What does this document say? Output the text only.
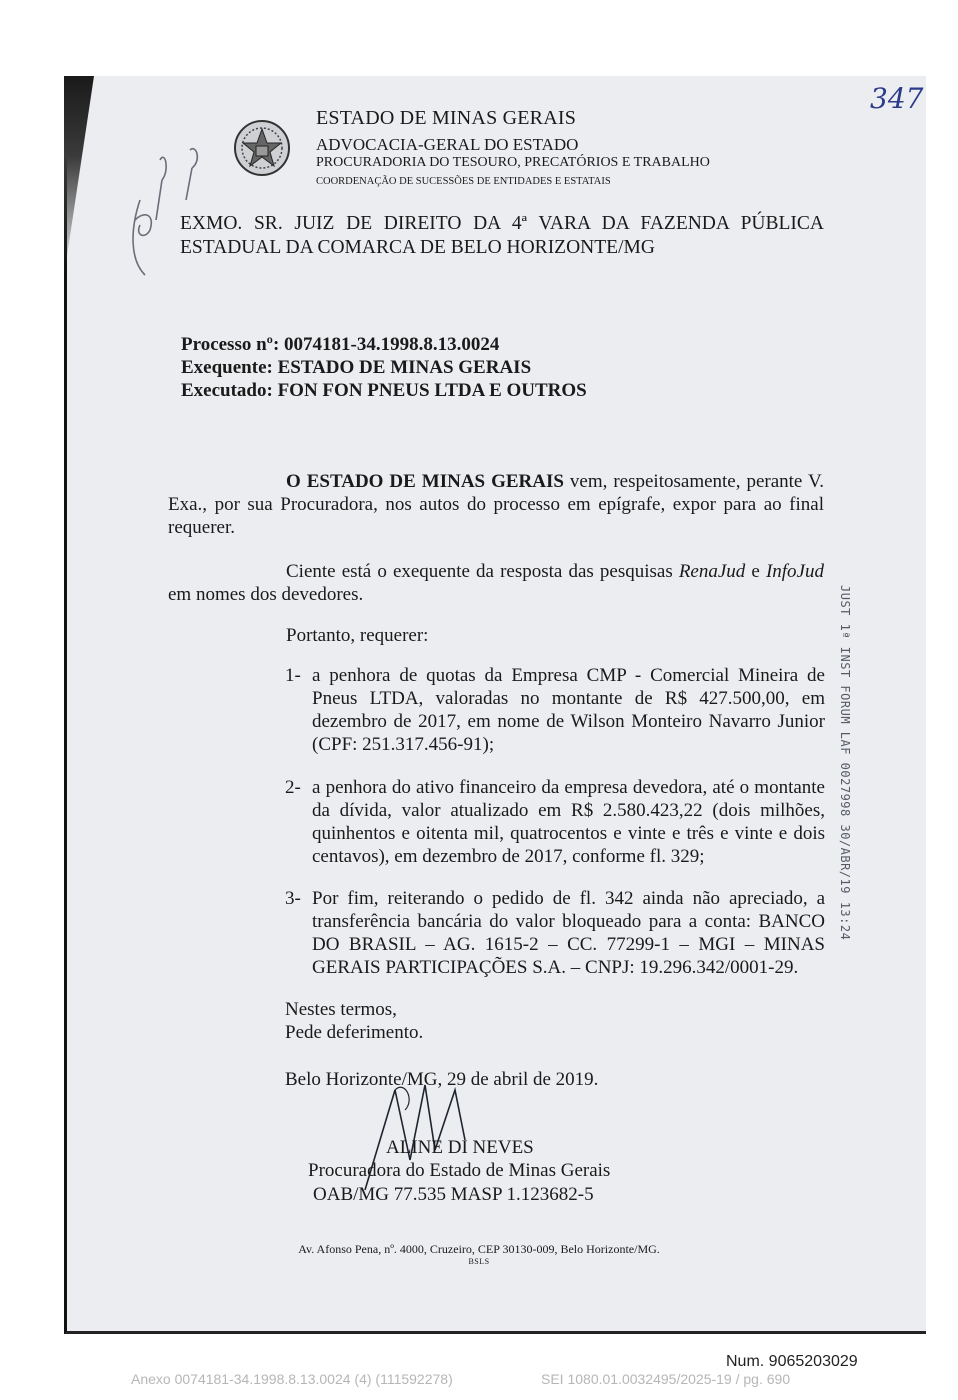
ESTADO DE MINAS GERAIS
ADVOCACIA-GERAL DO ESTADO
PROCURADORIA DO TESOURO, PRECATÓRIOS E TRABALHO
COORDENAÇÃO DE SUCESSÕES DE ENTIDADES E ESTATAIS
EXMO. SR. JUIZ DE DIREITO DA 4ª VARA DA FAZENDA PÚBLICA ESTADUAL DA COMARCA DE BELO HORIZONTE/MG
Processo nº: 0074181-34.1998.8.13.0024
Exequente: ESTADO DE MINAS GERAIS
Executado: FON FON PNEUS LTDA E OUTROS
O ESTADO DE MINAS GERAIS vem, respeitosamente, perante V. Exa., por sua Procuradora, nos autos do processo em epígrafe, expor para ao final requerer.
Ciente está o exequente da resposta das pesquisas RenaJud e InfoJud em nomes dos devedores.
Portanto, requerer:
1- a penhora de quotas da Empresa CMP - Comercial Mineira de Pneus LTDA, valoradas no montante de R$ 427.500,00, em dezembro de 2017, em nome de Wilson Monteiro Navarro Junior (CPF: 251.317.456-91);
2- a penhora do ativo financeiro da empresa devedora, até o montante da dívida, valor atualizado em R$ 2.580.423,22 (dois milhões, quinhentos e oitenta mil, quatrocentos e vinte e três e vinte e dois centavos), em dezembro de 2017, conforme fl. 329;
3- Por fim, reiterando o pedido de fl. 342 ainda não apreciado, a transferência bancária do valor bloqueado para a conta: BANCO DO BRASIL – AG. 1615-2 – CC. 77299-1 – MGI – MINAS GERAIS PARTICIPAÇÕES S.A. – CNPJ: 19.296.342/0001-29.
Nestes termos,
Pede deferimento.
Belo Horizonte/MG, 29 de abril de 2019.
ALINE DI NEVES
Procuradora do Estado de Minas Gerais
OAB/MG 77.535 MASP 1.123682-5
Av. Afonso Pena, nº. 4000, Cruzeiro, CEP 30130-009, Belo Horizonte/MG.
BSLS
JUST 1ª INST FORUM LAF 0027998 30/ABR/19 13:24
347
Num. 9065203029
Anexo 0074181-34.1998.8.13.0024 (4) (111592278)	SEI 1080.01.0032495/2025-19 / pg. 690
